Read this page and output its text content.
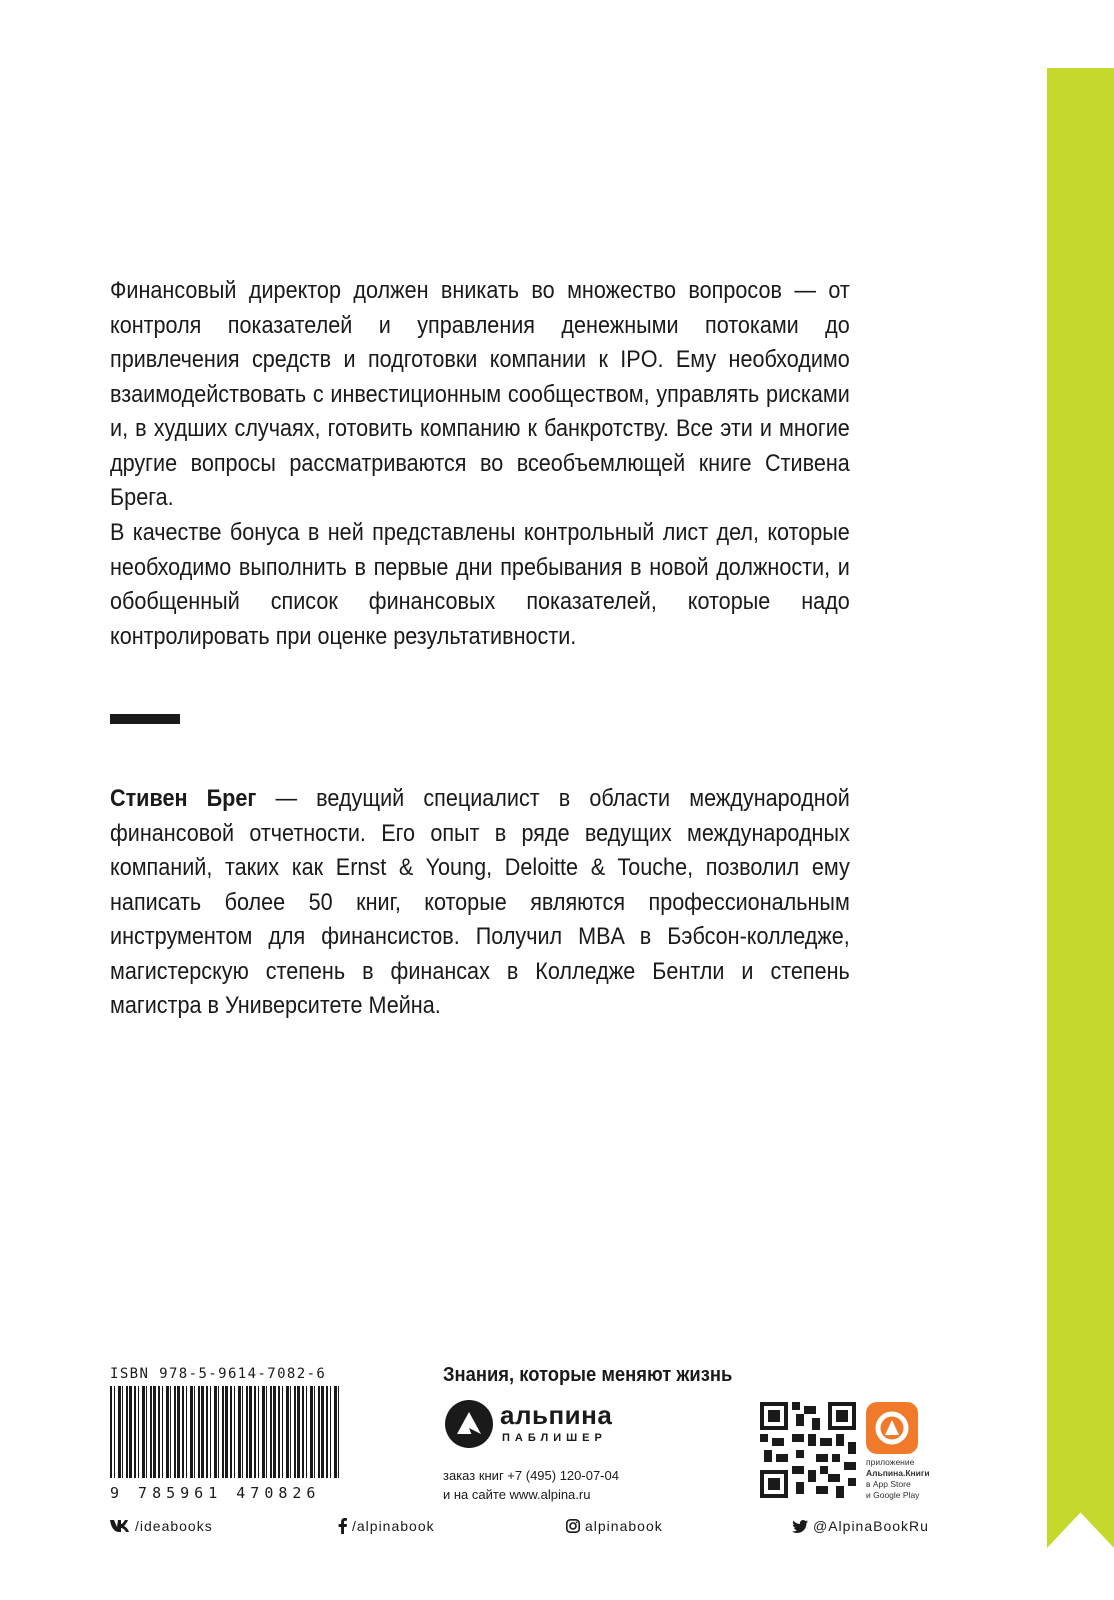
Финансовый директор должен вникать во множество вопросов — от контроля показателей и управления денежными потоками до привлечения средств и подготовки компании к IPO. Ему необходимо взаимодействовать с инвестиционным сообществом, управлять рисками и, в худших случаях, готовить компанию к банкротству. Все эти и многие другие вопросы рассматриваются во всеобъемлющей книге Стивена Брега.

В качестве бонуса в ней представлены контрольный лист дел, которые необходимо выполнить в первые дни пребывания в новой должности, и обобщенный список финансовых показателей, которые надо контролировать при оценке результативности.

Стивен Брег — ведущий специалист в области международной финансовой отчетности. Его опыт в ряде ведущих международных компаний, таких как Ernst & Young, Deloitte & Touche, позволил ему написать более 50 книг, которые являются профессиональным инструментом для финансистов. Получил MBA в Бэбсон-колледже, магистерскую степень в финансах в Колледже Бентли и степень магистра в Университете Мейна.

ISBN 978-5-9614-7082-6
9 785961 470826
Знания, которые меняют жизнь
альпина
ПАБЛИШЕР
заказ книг +7 (495) 120-07-04
и на сайте www.alpina.ru
приложение
Альпина.Книги
в App Store
и Google Play
/ideabooks	/alpinabook	alpinabook	@AlpinaBookRu
